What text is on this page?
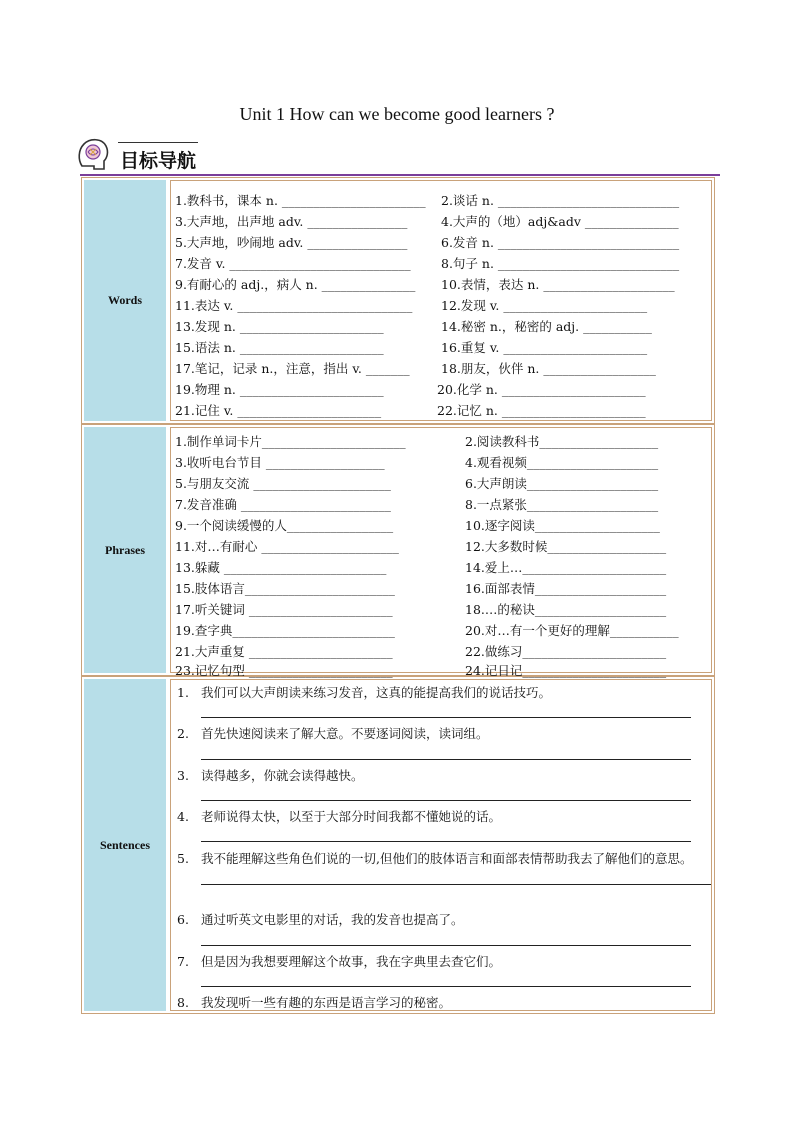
Unit 1 How can we become good learners ?
目标导航
Words
1.教科书，课本 n. _______________________ 2.谈话 n. _____________________________
3.大声地，出声地 adv. ________________	4.大声的（地）adj&adv _______________
5.大声地，吵闹地 adv. ________________	6.发音 n. _____________________________
7.发音 v. _____________________________ 8.句子 n. _____________________________
9.有耐心的 adj.，病人 n. _______________ 10.表情，表达 n. _____________________
11.表达 v. ____________________________ 12.发现 v. _______________________
13.发现 n. _______________________	14.秘密 n.，秘密的 adj. ___________
15.语法 n. _______________________	16.重复 v. _______________________
17.笔记，记录 n.，注意，指出 v. _______	18.朋友，伙伴 n. __________________
19.物理 n. _______________________	20.化学 n. _______________________
21.记住 v. _______________________	22.记忆 n. _______________________
Phrases
1.制作单词卡片_______________________	2.阅读教科书___________________
3.收听电台节目 ___________________	4.观看视频_____________________
5.与朋友交流 ______________________	6.大声朗读_____________________
7.发音准确 ________________________	8.一点紧张_____________________
9.一个阅读缓慢的人_________________	10.逐字阅读____________________
11.对…有耐心 ______________________	12.大多数时候___________________
13.躲藏 __________________________	14.爱上…_______________________
15.肢体语言________________________	16.面部表情_____________________
17.听关键词 _______________________	18.…的秘诀_____________________
19.查字典__________________________	20.对…有一个更好的理解___________
21.大声重复 _______________________	22.做练习_______________________
23.记忆句型 _______________________	24.记日记_______________________
Sentences
1. 我们可以大声朗读来练习发音，这真的能提高我们的说话技巧。
2. 首先快速阅读来了解大意。不要逐词阅读，读词组。
3. 读得越多，你就会读得越快。
4. 老师说得太快，以至于大部分时间我都不懂她说的话。
5. 我不能理解这些角色们说的一切,但他们的肢体语言和面部表情帮助我去了解他们的意思。
6. 通过听英文电影里的对话，我的发音也提高了。
7. 但是因为我想要理解这个故事，我在字典里去查它们。
8. 我发现听一些有趣的东西是语言学习的秘密。
